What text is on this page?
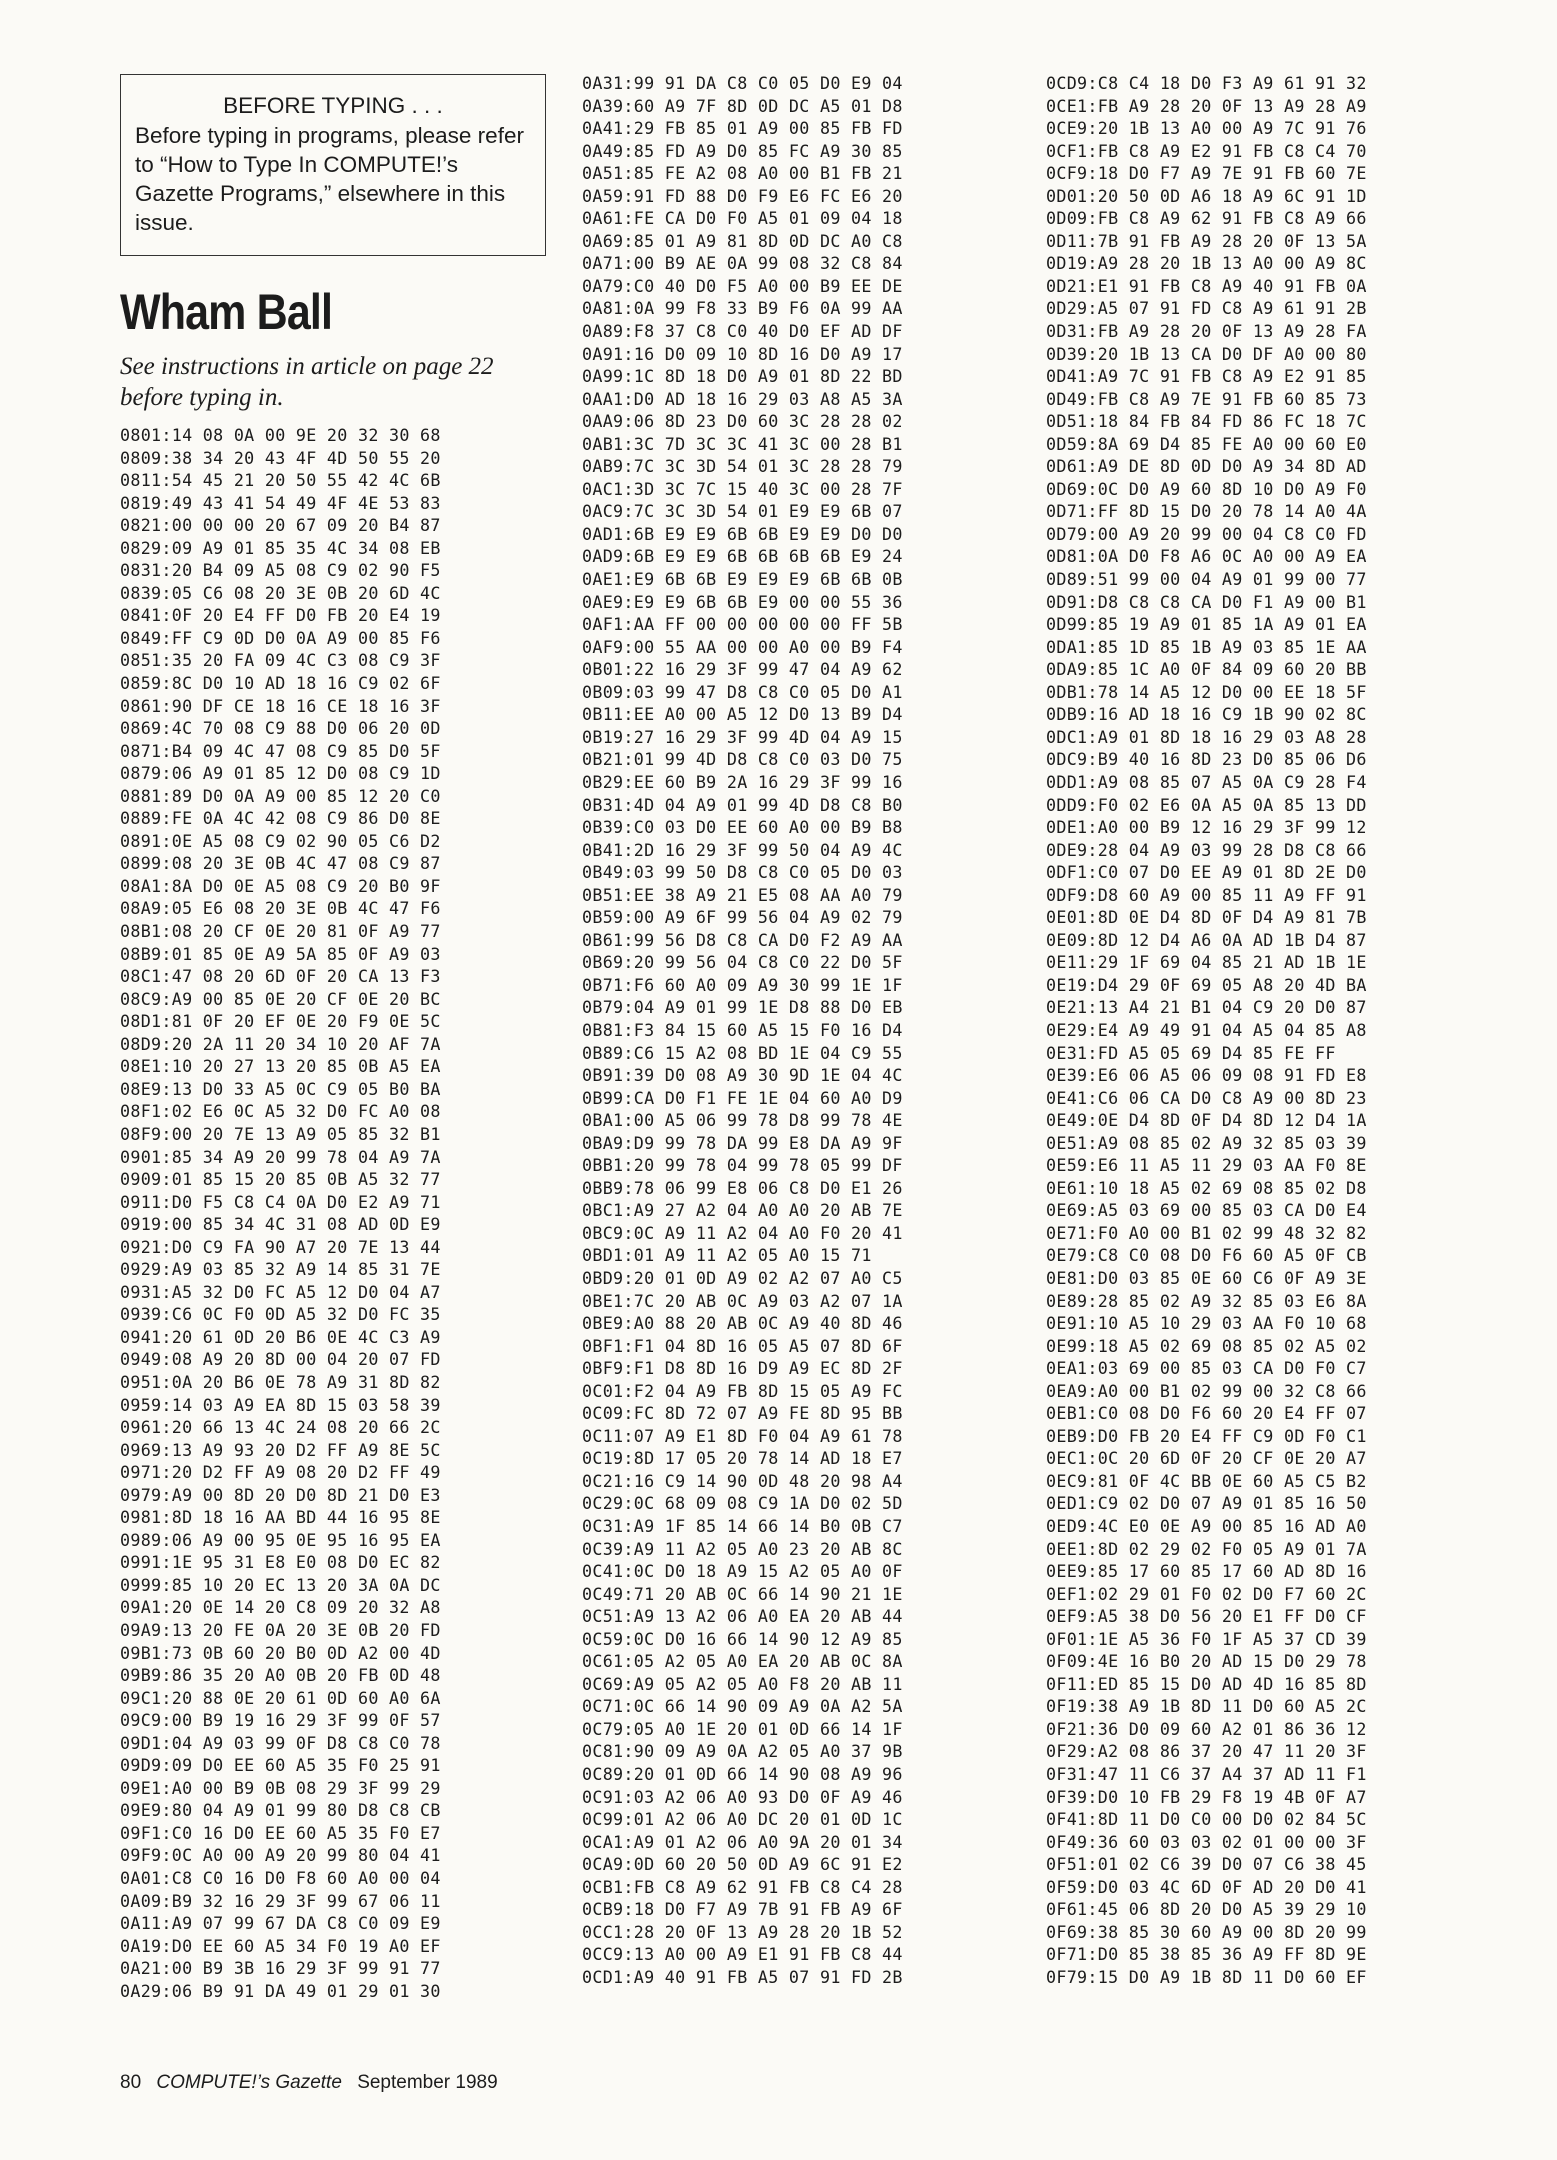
BEFORE TYPING . . .
Before typing in programs, please refer to “How to Type In COMPUTE!’s Gazette Programs,” elsewhere in this issue.
Wham Ball
See instructions in article on page 22 before typing in.
0801:14 08 0A 00 9E 20 32 30 68
0809:38 34 20 43 4F 4D 50 55 20
0811:54 45 21 20 50 55 42 4C 6B
0819:49 43 41 54 49 4F 4E 53 83
0821:00 00 00 20 67 09 20 B4 87
0829:09 A9 01 85 35 4C 34 08 EB
0831:20 B4 09 A5 08 C9 02 90 F5
0839:05 C6 08 20 3E 0B 20 6D 4C
0841:0F 20 E4 FF D0 FB 20 E4 19
0849:FF C9 0D D0 0A A9 00 85 F6
0851:35 20 FA 09 4C C3 08 C9 3F
0859:8C D0 10 AD 18 16 C9 02 6F
0861:90 DF CE 18 16 CE 18 16 3F
0869:4C 70 08 C9 88 D0 06 20 0D
0871:B4 09 4C 47 08 C9 85 D0 5F
0879:06 A9 01 85 12 D0 08 C9 1D
0881:89 D0 0A A9 00 85 12 20 C0
0889:FE 0A 4C 42 08 C9 86 D0 8E
0891:0E A5 08 C9 02 90 05 C6 D2
0899:08 20 3E 0B 4C 47 08 C9 87
08A1:8A D0 0E A5 08 C9 20 B0 9F
08A9:05 E6 08 20 3E 0B 4C 47 F6
08B1:08 20 CF 0E 20 81 0F A9 77
08B9:01 85 0E A9 5A 85 0F A9 03
08C1:47 08 20 6D 0F 20 CA 13 F3
08C9:A9 00 85 0E 20 CF 0E 20 BC
08D1:81 0F 20 EF 0E 20 F9 0E 5C
08D9:20 2A 11 20 34 10 20 AF 7A
08E1:10 20 27 13 20 85 0B A5 EA
08E9:13 D0 33 A5 0C C9 05 B0 BA
08F1:02 E6 0C A5 32 D0 FC A0 08
08F9:00 20 7E 13 A9 05 85 32 B1
0901:85 34 A9 20 99 78 04 A9 7A
0909:01 85 15 20 85 0B A5 32 77
0911:D0 F5 C8 C4 0A D0 E2 A9 71
0919:00 85 34 4C 31 08 AD 0D E9
0921:D0 C9 FA 90 A7 20 7E 13 44
0929:A9 03 85 32 A9 14 85 31 7E
0931:A5 32 D0 FC A5 12 D0 04 A7
0939:C6 0C F0 0D A5 32 D0 FC 35
0941:20 61 0D 20 B6 0E 4C C3 A9
0949:08 A9 20 8D 00 04 20 07 FD
0951:0A 20 B6 0E 78 A9 31 8D 82
0959:14 03 A9 EA 8D 15 03 58 39
0961:20 66 13 4C 24 08 20 66 2C
0969:13 A9 93 20 D2 FF A9 8E 5C
0971:20 D2 FF A9 08 20 D2 FF 49
0979:A9 00 8D 20 D0 8D 21 D0 E3
0981:8D 18 16 AA BD 44 16 95 8E
0989:06 A9 00 95 0E 95 16 95 EA
0991:1E 95 31 E8 E0 08 D0 EC 82
0999:85 10 20 EC 13 20 3A 0A DC
09A1:20 0E 14 20 C8 09 20 32 A8
09A9:13 20 FE 0A 20 3E 0B 20 FD
09B1:73 0B 60 20 B0 0D A2 00 4D
09B9:86 35 20 A0 0B 20 FB 0D 48
09C1:20 88 0E 20 61 0D 60 A0 6A
09C9:00 B9 19 16 29 3F 99 0F 57
09D1:04 A9 03 99 0F D8 C8 C0 78
09D9:09 D0 EE 60 A5 35 F0 25 91
09E1:A0 00 B9 0B 08 29 3F 99 29
09E9:80 04 A9 01 99 80 D8 C8 CB
09F1:C0 16 D0 EE 60 A5 35 F0 E7
09F9:0C A0 00 A9 20 99 80 04 41
0A01:C8 C0 16 D0 F8 60 A0 00 04
0A09:B9 32 16 29 3F 99 67 06 11
0A11:A9 07 99 67 DA C8 C0 09 E9
0A19:D0 EE 60 A5 34 F0 19 A0 EF
0A21:00 B9 3B 16 29 3F 99 91 77
0A29:06 B9 91 DA 49 01 29 01 30
0A31:99 91 DA C8 C0 05 D0 E9 04
0A39:60 A9 7F 8D 0D DC A5 01 D8
0A41:29 FB 85 01 A9 00 85 FB FD
0A49:85 FD A9 D0 85 FC A9 30 85
0A51:85 FE A2 08 A0 00 B1 FB 21
0A59:91 FD 88 D0 F9 E6 FC E6 20
0A61:FE CA D0 F0 A5 01 09 04 18
0A69:85 01 A9 81 8D 0D DC A0 C8
0A71:00 B9 AE 0A 99 08 32 C8 84
0A79:C0 40 D0 F5 A0 00 B9 EE DE
0A81:0A 99 F8 33 B9 F6 0A 99 AA
0A89:F8 37 C8 C0 40 D0 EF AD DF
0A91:16 D0 09 10 8D 16 D0 A9 17
0A99:1C 8D 18 D0 A9 01 8D 22 BD
0AA1:D0 AD 18 16 29 03 A8 A5 3A
0AA9:06 8D 23 D0 60 3C 28 28 02
0AB1:3C 7D 3C 3C 41 3C 00 28 B1
0AB9:7C 3C 3D 54 01 3C 28 28 79
0AC1:3D 3C 7C 15 40 3C 00 28 7F
0AC9:7C 3C 3D 54 01 E9 E9 6B 07
0AD1:6B E9 E9 6B 6B E9 E9 D0 D0
0AD9:6B E9 E9 6B 6B 6B 6B E9 24
0AE1:E9 6B 6B E9 E9 E9 6B 6B 0B
0AE9:E9 E9 6B 6B E9 00 00 55 36
0AF1:AA FF 00 00 00 00 00 FF 5B
0AF9:00 55 AA 00 00 A0 00 B9 F4
0B01:22 16 29 3F 99 47 04 A9 62
0B09:03 99 47 D8 C8 C0 05 D0 A1
0B11:EE A0 00 A5 12 D0 13 B9 D4
0B19:27 16 29 3F 99 4D 04 A9 15
0B21:01 99 4D D8 C8 C0 03 D0 75
0B29:EE 60 B9 2A 16 29 3F 99 16
0B31:4D 04 A9 01 99 4D D8 C8 B0
0B39:C0 03 D0 EE 60 A0 00 B9 B8
0B41:2D 16 29 3F 99 50 04 A9 4C
0B49:03 99 50 D8 C8 C0 05 D0 03
0B51:EE 38 A9 21 E5 08 AA A0 79
0B59:00 A9 6F 99 56 04 A9 02 79
0B61:99 56 D8 C8 CA D0 F2 A9 AA
0B69:20 99 56 04 C8 C0 22 D0 5F
0B71:F6 60 A0 09 A9 30 99 1E 1F
0B79:04 A9 01 99 1E D8 88 D0 EB
0B81:F3 84 15 60 A5 15 F0 16 D4
0B89:C6 15 A2 08 BD 1E 04 C9 55
0B91:39 D0 08 A9 30 9D 1E 04 4C
0B99:CA D0 F1 FE 1E 04 60 A0 D9
0BA1:00 A5 06 99 78 D8 99 78 4E
0BA9:D9 99 78 DA 99 E8 DA A9 9F
0BB1:20 99 78 04 99 78 05 99 DF
0BB9:78 06 99 E8 06 C8 D0 E1 26
0BC1:A9 27 A2 04 A0 A0 20 AB 7E
0BC9:0C A9 11 A2 04 A0 F0 20 41
0BD1:01 A9 11 A2 05 A0 15 71
0BD9:20 01 0D A9 02 A2 07 A0 C5
0BE1:7C 20 AB 0C A9 03 A2 07 1A
0BE9:A0 88 20 AB 0C A9 40 8D 46
0BF1:F1 04 8D 16 05 A5 07 8D 6F
0BF9:F1 D8 8D 16 D9 A9 EC 8D 2F
0C01:F2 04 A9 FB 8D 15 05 A9 FC
0C09:FC 8D 72 07 A9 FE 8D 95 BB
0C11:07 A9 E1 8D F0 04 A9 61 78
0C19:8D 17 05 20 78 14 AD 18 E7
0C21:16 C9 14 90 0D 48 20 98 A4
0C29:0C 68 09 08 C9 1A D0 02 5D
0C31:A9 1F 85 14 66 14 B0 0B C7
0C39:A9 11 A2 05 A0 23 20 AB 8C
0C41:0C D0 18 A9 15 A2 05 A0 0F
0C49:71 20 AB 0C 66 14 90 21 1E
0C51:A9 13 A2 06 A0 EA 20 AB 44
0C59:0C D0 16 66 14 90 12 A9 85
0C61:05 A2 05 A0 EA 20 AB 0C 8A
0C69:A9 05 A2 05 A0 F8 20 AB 11
0C71:0C 66 14 90 09 A9 0A A2 5A
0C79:05 A0 1E 20 01 0D 66 14 1F
0C81:90 09 A9 0A A2 05 A0 37 9B
0C89:20 01 0D 66 14 90 08 A9 96
0C91:03 A2 06 A0 93 D0 0F A9 46
0C99:01 A2 06 A0 DC 20 01 0D 1C
0CA1:A9 01 A2 06 A0 9A 20 01 34
0CA9:0D 60 20 50 0D A9 6C 91 E2
0CB1:FB C8 A9 62 91 FB C8 C4 28
0CB9:18 D0 F7 A9 7B 91 FB A9 6F
0CC1:28 20 0F 13 A9 28 20 1B 52
0CC9:13 A0 00 A9 E1 91 FB C8 44
0CD1:A9 40 91 FB A5 07 91 FD 2B
0CD9:C8 C4 18 D0 F3 A9 61 91 32
0CE1:FB A9 28 20 0F 13 A9 28 A9
0CE9:20 1B 13 A0 00 A9 7C 91 76
0CF1:FB C8 A9 E2 91 FB C8 C4 70
0CF9:18 D0 F7 A9 7E 91 FB 60 7E
0D01:20 50 0D A6 18 A9 6C 91 1D
0D09:FB C8 A9 62 91 FB C8 A9 66
0D11:7B 91 FB A9 28 20 0F 13 5A
0D19:A9 28 20 1B 13 A0 00 A9 8C
0D21:E1 91 FB C8 A9 40 91 FB 0A
0D29:A5 07 91 FD C8 A9 61 91 2B
0D31:FB A9 28 20 0F 13 A9 28 FA
0D39:20 1B 13 CA D0 DF A0 00 80
0D41:A9 7C 91 FB C8 A9 E2 91 85
0D49:FB C8 A9 7E 91 FB 60 85 73
0D51:18 84 FB 84 FD 86 FC 18 7C
0D59:8A 69 D4 85 FE A0 00 60 E0
0D61:A9 DE 8D 0D D0 A9 34 8D AD
0D69:0C D0 A9 60 8D 10 D0 A9 F0
0D71:FF 8D 15 D0 20 78 14 A0 4A
0D79:00 A9 20 99 00 04 C8 C0 FD
0D81:0A D0 F8 A6 0C A0 00 A9 EA
0D89:51 99 00 04 A9 01 99 00 77
0D91:D8 C8 C8 CA D0 F1 A9 00 B1
0D99:85 19 A9 01 85 1A A9 01 EA
0DA1:85 1D 85 1B A9 03 85 1E AA
0DA9:85 1C A0 0F 84 09 60 20 BB
0DB1:78 14 A5 12 D0 00 EE 18 5F
0DB9:16 AD 18 16 C9 1B 90 02 8C
0DC1:A9 01 8D 18 16 29 03 A8 28
0DC9:B9 40 16 8D 23 D0 85 06 D6
0DD1:A9 08 85 07 A5 0A C9 28 F4
0DD9:F0 02 E6 0A A5 0A 85 13 DD
0DE1:A0 00 B9 12 16 29 3F 99 12
0DE9:28 04 A9 03 99 28 D8 C8 66
0DF1:C0 07 D0 EE A9 01 8D 2E D0
0DF9:D8 60 A9 00 85 11 A9 FF 91
0E01:8D 0E D4 8D 0F D4 A9 81 7B
0E09:8D 12 D4 A6 0A AD 1B D4 87
0E11:29 1F 69 04 85 21 AD 1B 1E
0E19:D4 29 0F 69 05 A8 20 4D BA
0E21:13 A4 21 B1 04 C9 20 D0 87
0E29:E4 A9 49 91 04 A5 04 85 A8
0E31:FD A5 05 69 D4 85 FE FF
0E39:E6 06 A5 06 09 08 91 FD E8
0E41:C6 06 CA D0 C8 A9 00 8D 23
0E49:0E D4 8D 0F D4 8D 12 D4 1A
0E51:A9 08 85 02 A9 32 85 03 39
0E59:E6 11 A5 11 29 03 AA F0 8E
0E61:10 18 A5 02 69 08 85 02 D8
0E69:A5 03 69 00 85 03 CA D0 E4
0E71:F0 A0 00 B1 02 99 48 32 82
0E79:C8 C0 08 D0 F6 60 A5 0F CB
0E81:D0 03 85 0E 60 C6 0F A9 3E
0E89:28 85 02 A9 32 85 03 E6 8A
0E91:10 A5 10 29 03 AA F0 10 68
0E99:18 A5 02 69 08 85 02 A5 02
0EA1:03 69 00 85 03 CA D0 F0 C7
0EA9:A0 00 B1 02 99 00 32 C8 66
0EB1:C0 08 D0 F6 60 20 E4 FF 07
0EB9:D0 FB 20 E4 FF C9 0D F0 C1
0EC1:0C 20 6D 0F 20 CF 0E 20 A7
0EC9:81 0F 4C BB 0E 60 A5 C5 B2
0ED1:C9 02 D0 07 A9 01 85 16 50
0ED9:4C E0 0E A9 00 85 16 AD A0
0EE1:8D 02 29 02 F0 05 A9 01 7A
0EE9:85 17 60 85 17 60 AD 8D 16
0EF1:02 29 01 F0 02 D0 F7 60 2C
0EF9:A5 38 D0 56 20 E1 FF D0 CF
0F01:1E A5 36 F0 1F A5 37 CD 39
0F09:4E 16 B0 20 AD 15 D0 29 78
0F11:ED 85 15 D0 AD 4D 16 85 8D
0F19:38 A9 1B 8D 11 D0 60 A5 2C
0F21:36 D0 09 60 A2 01 86 36 12
0F29:A2 08 86 37 20 47 11 20 3F
0F31:47 11 C6 37 A4 37 AD 11 F1
0F39:D0 10 FB 29 F8 19 4B 0F A7
0F41:8D 11 D0 C0 00 D0 02 84 5C
0F49:36 60 03 03 02 01 00 00 3F
0F51:01 02 C6 39 D0 07 C6 38 45
0F59:D0 03 4C 6D 0F AD 20 D0 41
0F61:45 06 8D 20 D0 A5 39 29 10
0F69:38 85 30 60 A9 00 8D 20 99
0F71:D0 85 38 85 36 A9 FF 8D 9E
0F79:15 D0 A9 1B 8D 11 D0 60 EF
80 COMPUTE!’s Gazette September 1989
